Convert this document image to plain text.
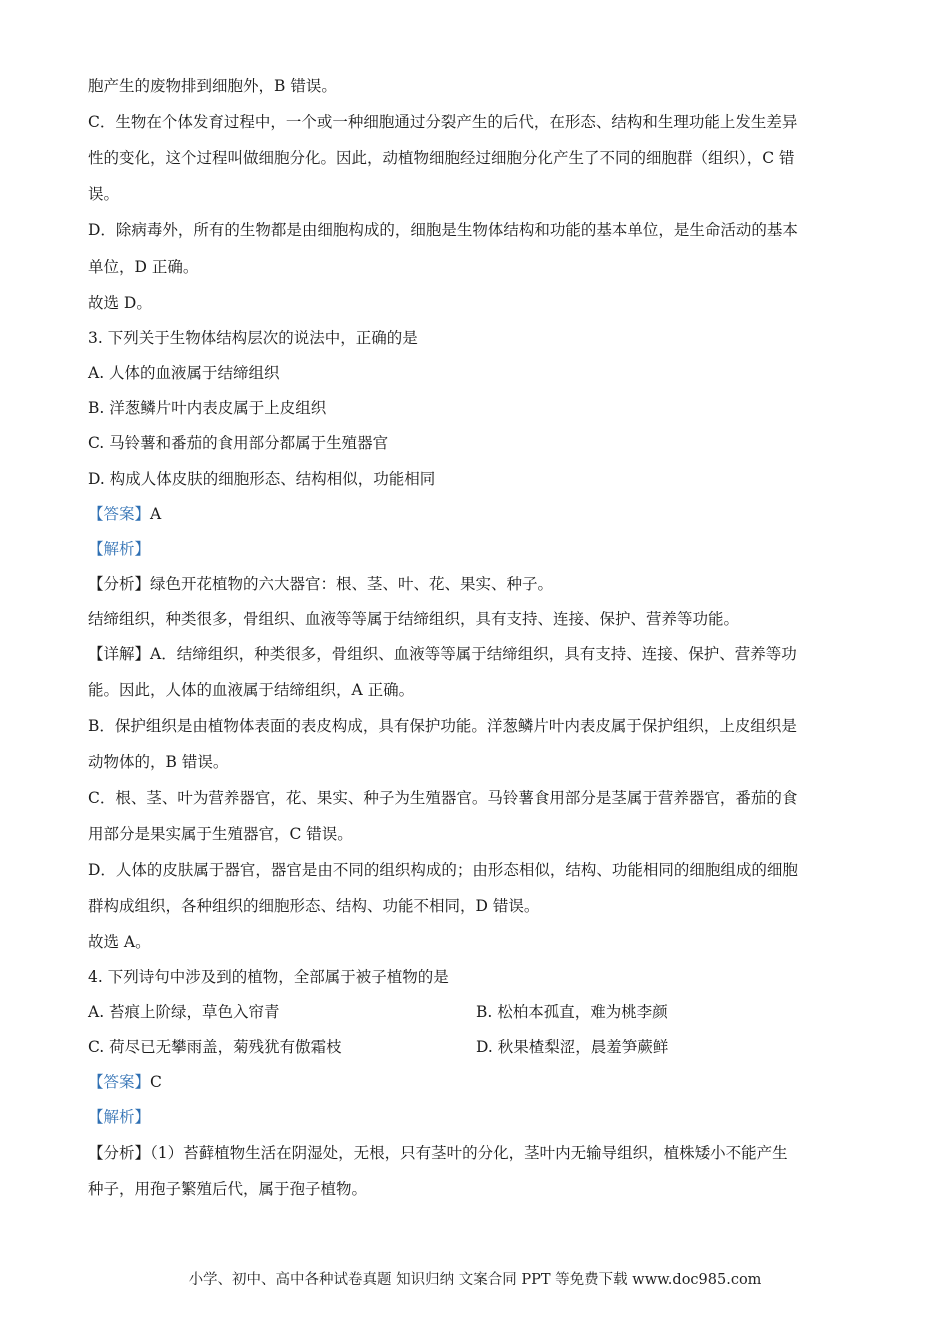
胞产生的废物排到细胞外，B 错误。
C．生物在个体发育过程中，一个或一种细胞通过分裂产生的后代，在形态、结构和生理功能上发生差异
性的变化，这个过程叫做细胞分化。因此，动植物细胞经过细胞分化产生了不同的细胞群（组织），C 错
误。
D．除病毒外，所有的生物都是由细胞构成的，细胞是生物体结构和功能的基本单位，是生命活动的基本
单位，D 正确。
故选 D。
3. 下列关于生物体结构层次的说法中，正确的是
A. 人体的血液属于结缔组织
B. 洋葱鳞片叶内表皮属于上皮组织
C. 马铃薯和番茄的食用部分都属于生殖器官
D. 构成人体皮肤的细胞形态、结构相似，功能相同
【答案】A
【解析】
【分析】绿色开花植物的六大器官：根、茎、叶、花、果实、种子。
结缔组织，种类很多，骨组织、血液等等属于结缔组织，具有支持、连接、保护、营养等功能。
【详解】A．结缔组织，种类很多，骨组织、血液等等属于结缔组织，具有支持、连接、保护、营养等功
能。因此，人体的血液属于结缔组织，A 正确。
B．保护组织是由植物体表面的表皮构成，具有保护功能。洋葱鳞片叶内表皮属于保护组织，上皮组织是
动物体的，B 错误。
C．根、茎、叶为营养器官，花、果实、种子为生殖器官。马铃薯食用部分是茎属于营养器官，番茄的食
用部分是果实属于生殖器官，C 错误。
D．人体的皮肤属于器官，器官是由不同的组织构成的；由形态相似，结构、功能相同的细胞组成的细胞
群构成组织，各种组织的细胞形态、结构、功能不相同，D 错误。
故选 A。
4. 下列诗句中涉及到的植物，全部属于被子植物的是
A. 苔痕上阶绿，草色入帘青	B. 松柏本孤直，难为桃李颜
C. 荷尽已无攀雨盖，菊残犹有傲霜枝	D. 秋果楂梨涩，晨羞笋蕨鲜
【答案】C
【解析】
【分析】（1）苔藓植物生活在阴湿处，无根，只有茎叶的分化，茎叶内无输导组织，植株矮小不能产生
种子，用孢子繁殖后代，属于孢子植物。
小学、初中、高中各种试卷真题 知识归纳 文案合同 PPT 等免费下载 www.doc985.com
